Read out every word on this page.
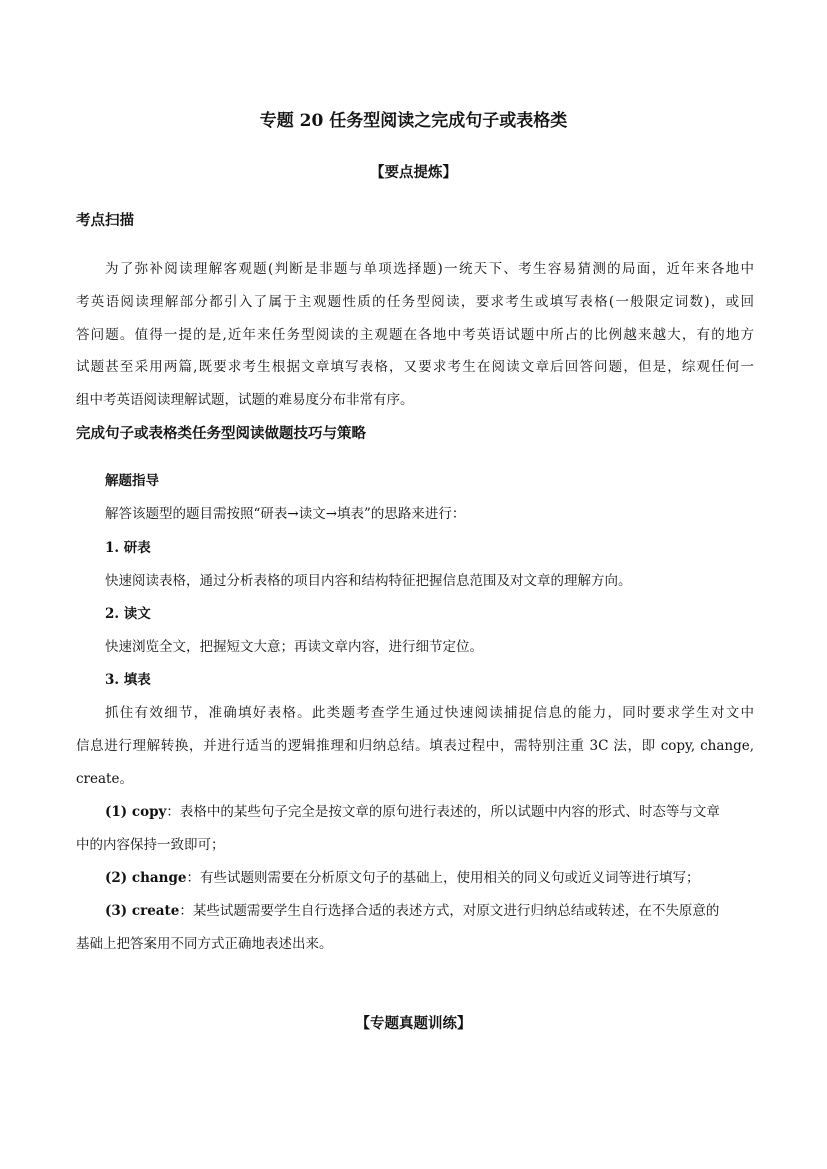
专题 20 任务型阅读之完成句子或表格类
【要点提炼】
考点扫描
为了弥补阅读理解客观题(判断是非题与单项选择题)一统天下、考生容易猜测的局面，近年来各地中
考英语阅读理解部分都引入了属于主观题性质的任务型阅读，要求考生或填写表格(一般限定词数)，或回
答问题。值得一提的是,近年来任务型阅读的主观题在各地中考英语试题中所占的比例越来越大，有的地方
试题甚至采用两篇,既要求考生根据文章填写表格，又要求考生在阅读文章后回答问题，但是，综观任何一
组中考英语阅读理解试题，试题的难易度分布非常有序。
完成句子或表格类任务型阅读做题技巧与策略
解题指导
解答该题型的题目需按照“研表→读文→填表”的思路来进行：
1. 研表
快速阅读表格，通过分析表格的项目内容和结构特征把握信息范围及对文章的理解方向。
2. 读文
快速浏览全文，把握短文大意；再读文章内容，进行细节定位。
3. 填表
抓住有效细节，准确填好表格。此类题考查学生通过快速阅读捕捉信息的能力，同时要求学生对文中
信息进行理解转换，并进行适当的逻辑推理和归纳总结。填表过程中，需特别注重 3C 法，即 copy, change,
create。
(1) copy：表格中的某些句子完全是按文章的原句进行表述的，所以试题中内容的形式、时态等与文章
中的内容保持一致即可；
(2) change：有些试题则需要在分析原文句子的基础上，使用相关的同义句或近义词等进行填写；
(3) create：某些试题需要学生自行选择合适的表述方式，对原文进行归纳总结或转述，在不失原意的
基础上把答案用不同方式正确地表述出来。
【专题真题训练】
